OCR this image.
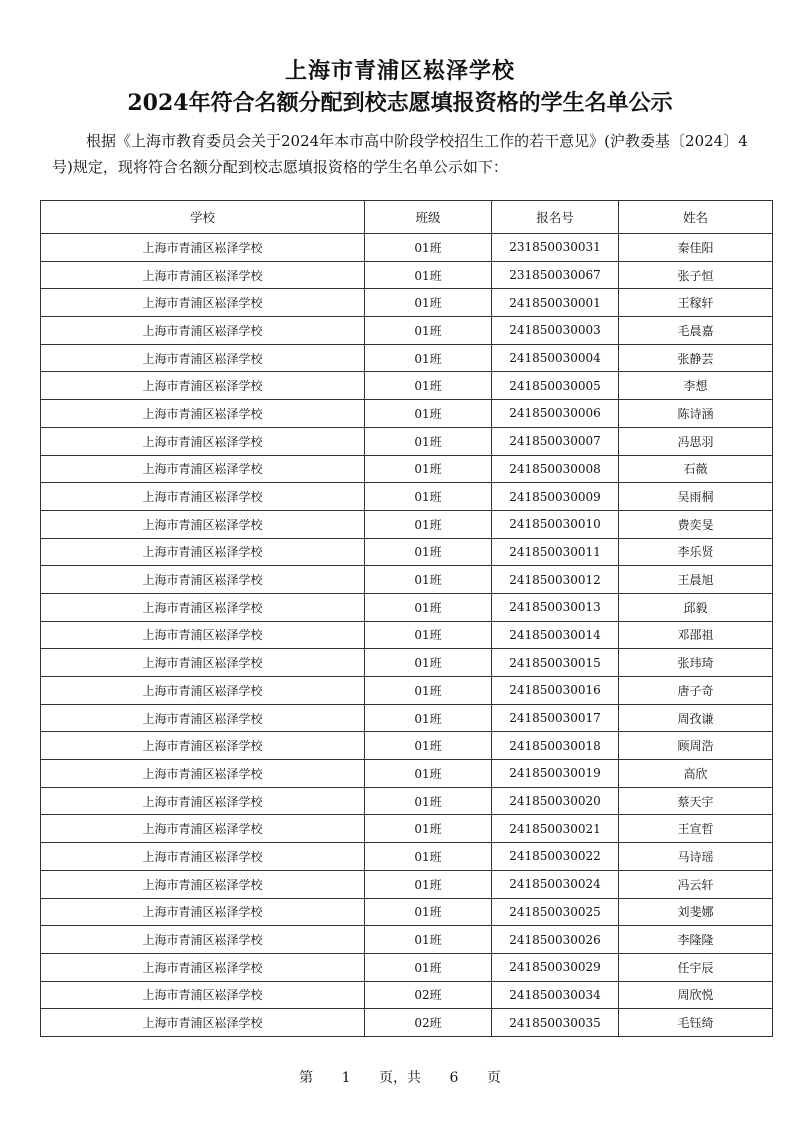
上海市青浦区崧泽学校
2024年符合名额分配到校志愿填报资格的学生名单公示
根据《上海市教育委员会关于2024年本市高中阶段学校招生工作的若干意见》(沪教委基〔2024〕4号)规定，现将符合名额分配到校志愿填报资格的学生名单公示如下：
学校	班级	报名号	姓名
上海市青浦区崧泽学校	01班	231850030031	秦佳阳
上海市青浦区崧泽学校	01班	231850030067	张子恒
上海市青浦区崧泽学校	01班	241850030001	王稼轩
上海市青浦区崧泽学校	01班	241850030003	毛晨嘉
上海市青浦区崧泽学校	01班	241850030004	张静芸
上海市青浦区崧泽学校	01班	241850030005	李想
上海市青浦区崧泽学校	01班	241850030006	陈诗涵
上海市青浦区崧泽学校	01班	241850030007	冯思羽
上海市青浦区崧泽学校	01班	241850030008	石薇
上海市青浦区崧泽学校	01班	241850030009	吴雨桐
上海市青浦区崧泽学校	01班	241850030010	费奕旻
上海市青浦区崧泽学校	01班	241850030011	李乐贤
上海市青浦区崧泽学校	01班	241850030012	王晨旭
上海市青浦区崧泽学校	01班	241850030013	邱毅
上海市青浦区崧泽学校	01班	241850030014	邓邵祖
上海市青浦区崧泽学校	01班	241850030015	张玮琦
上海市青浦区崧泽学校	01班	241850030016	唐子奇
上海市青浦区崧泽学校	01班	241850030017	周孜谦
上海市青浦区崧泽学校	01班	241850030018	顾周浩
上海市青浦区崧泽学校	01班	241850030019	高欣
上海市青浦区崧泽学校	01班	241850030020	蔡天宇
上海市青浦区崧泽学校	01班	241850030021	王宣哲
上海市青浦区崧泽学校	01班	241850030022	马诗瑶
上海市青浦区崧泽学校	01班	241850030024	冯云轩
上海市青浦区崧泽学校	01班	241850030025	刘斐娜
上海市青浦区崧泽学校	01班	241850030026	李隆隆
上海市青浦区崧泽学校	01班	241850030029	任宇辰
上海市青浦区崧泽学校	02班	241850030034	周欣悦
上海市青浦区崧泽学校	02班	241850030035	毛钰绮
第 1 页，共 6 页
